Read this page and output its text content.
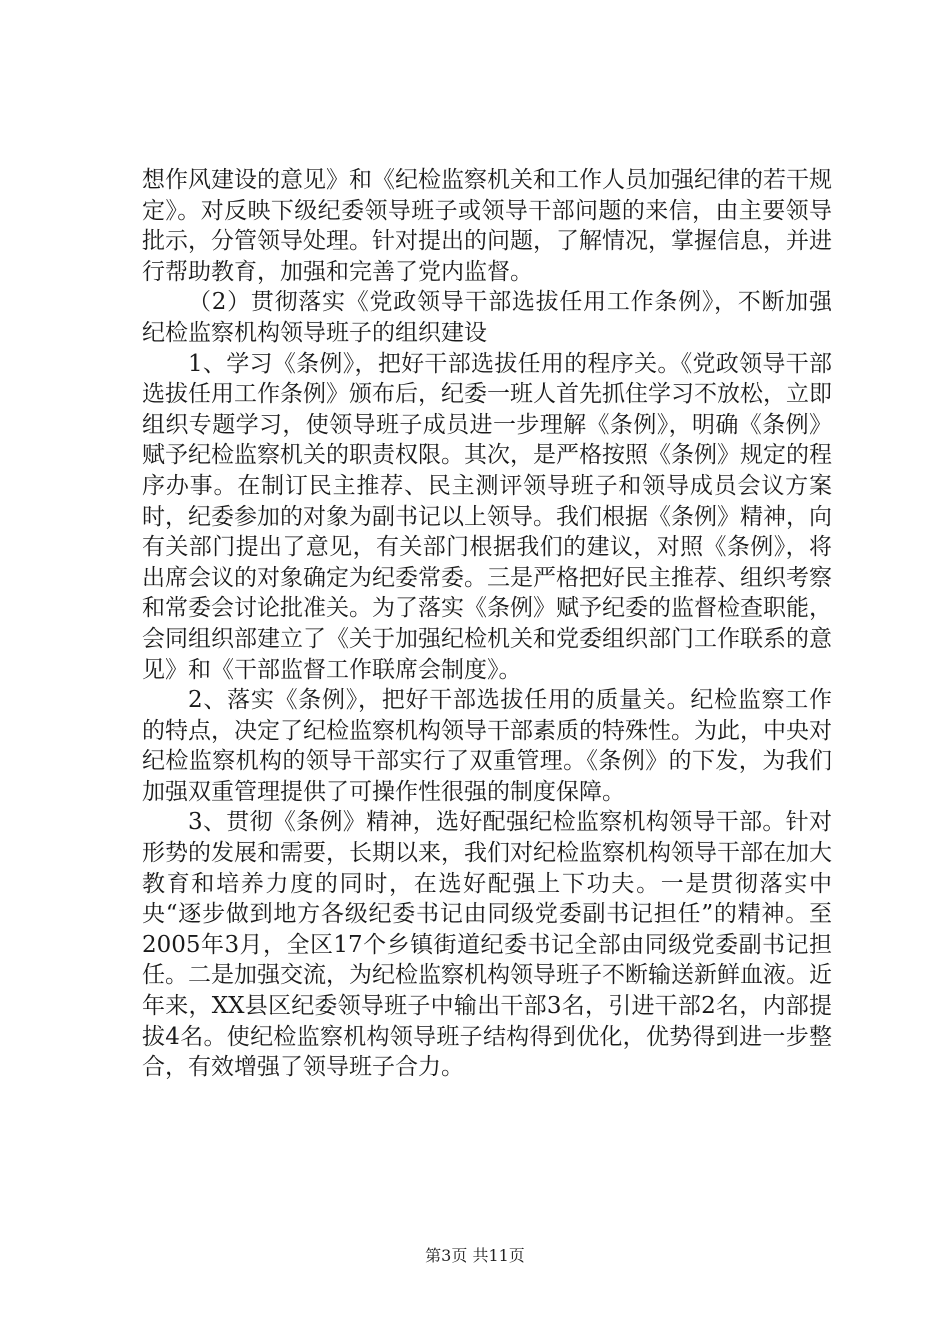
想作风建设的意见》和《纪检监察机关和工作人员加强纪律的若干规定》。对反映下级纪委领导班子或领导干部问题的来信，由主要领导批示，分管领导处理。针对提出的问题，了解情况，掌握信息，并进行帮助教育，加强和完善了党内监督。

（2）贯彻落实《党政领导干部选拔任用工作条例》，不断加强纪检监察机构领导班子的组织建设

1、学习《条例》，把好干部选拔任用的程序关。《党政领导干部选拔任用工作条例》颁布后，纪委一班人首先抓住学习不放松，立即组织专题学习，使领导班子成员进一步理解《条例》，明确《条例》赋予纪检监察机关的职责权限。其次，是严格按照《条例》规定的程序办事。在制订民主推荐、民主测评领导班子和领导成员会议方案时，纪委参加的对象为副书记以上领导。我们根据《条例》精神，向有关部门提出了意见，有关部门根据我们的建议，对照《条例》，将出席会议的对象确定为纪委常委。三是严格把好民主推荐、组织考察和常委会讨论批准关。为了落实《条例》赋予纪委的监督检查职能，会同组织部建立了《关于加强纪检机关和党委组织部门工作联系的意见》和《干部监督工作联席会制度》。

2、落实《条例》，把好干部选拔任用的质量关。纪检监察工作的特点，决定了纪检监察机构领导干部素质的特殊性。为此，中央对纪检监察机构的领导干部实行了双重管理。《条例》的下发，为我们加强双重管理提供了可操作性很强的制度保障。

3、贯彻《条例》精神，选好配强纪检监察机构领导干部。针对形势的发展和需要，长期以来，我们对纪检监察机构领导干部在加大教育和培养力度的同时，在选好配强上下功夫。一是贯彻落实中央“逐步做到地方各级纪委书记由同级党委副书记担任”的精神。至2005年3月，全区17个乡镇街道纪委书记全部由同级党委副书记担任。二是加强交流，为纪检监察机构领导班子不断输送新鲜血液。近年来，XX县区纪委领导班子中输出干部3名，引进干部2名，内部提拔4名。使纪检监察机构领导班子结构得到优化，优势得到进一步整合，有效增强了领导班子合力。

第3页 共11页
